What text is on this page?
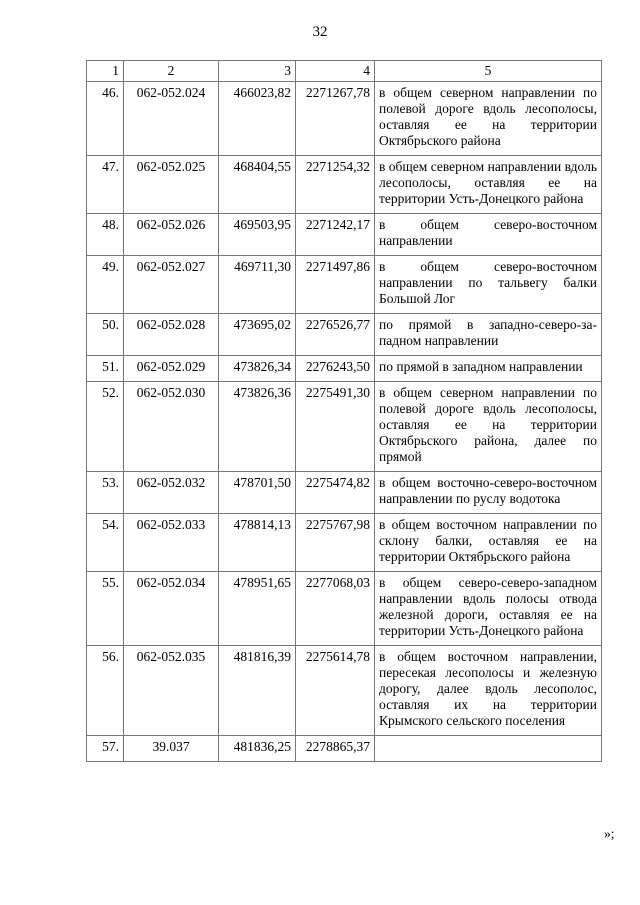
32
1	2	3	4	5
46.	062-052.024	466023,82	2271267,78	в общем северном направлении по полевой дороге вдоль лесополосы, оставляя ее на территории Октябрьского района
47.	062-052.025	468404,55	2271254,32	в общем северном направлении вдоль лесополосы, оставляя ее на территории Усть-Донецкого района
48.	062-052.026	469503,95	2271242,17	в общем северо-восточном направлении
49.	062-052.027	469711,30	2271497,86	в общем северо-восточном направлении по тальвегу балки Большой Лог
50.	062-052.028	473695,02	2276526,77	по прямой в западно-северо-западном направлении
51.	062-052.029	473826,34	2276243,50	по прямой в западном направлении
52.	062-052.030	473826,36	2275491,30	в общем северном направлении по полевой дороге вдоль лесополосы, оставляя ее на территории Октябрьского района, далее по прямой
53.	062-052.032	478701,50	2275474,82	в общем восточно-северо-восточном направлении по руслу водотока
54.	062-052.033	478814,13	2275767,98	в общем восточном направлении по склону балки, оставляя ее на территории Октябрьского района
55.	062-052.034	478951,65	2277068,03	в общем северо-северо-западном направлении вдоль полосы отвода железной дороги, оставляя ее на территории Усть-Донецкого района
56.	062-052.035	481816,39	2275614,78	в общем восточном направлении, пересекая лесополосы и железную дорогу, далее вдоль лесополос, оставляя их на территории Крымского сельского поселения
57.	39.037	481836,25	2278865,37	
»;
